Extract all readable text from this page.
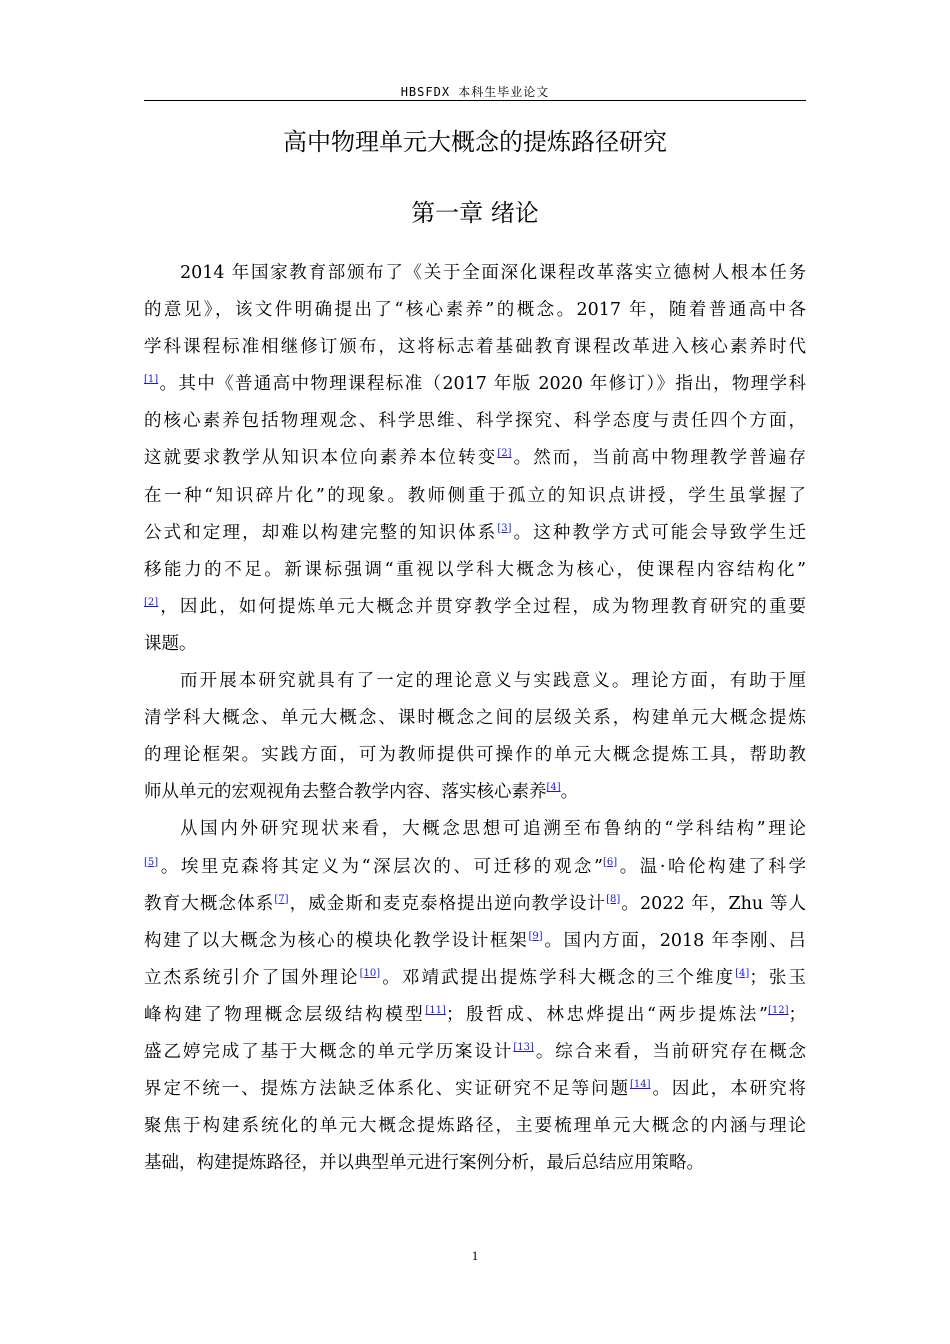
HBSFDX 本科生毕业论文
高中物理单元大概念的提炼路径研究
第一章 绪论
2014 年国家教育部颁布了《关于全面深化课程改革落实立德树人根本任务
的意见》，该文件明确提出了“核心素养”的概念。2017 年，随着普通高中各
学科课程标准相继修订颁布，这将标志着基础教育课程改革进入核心素养时代
[1]。其中《普通高中物理课程标准（2017 年版 2020 年修订）》指出，物理学科
的核心素养包括物理观念、科学思维、科学探究、科学态度与责任四个方面，
这就要求教学从知识本位向素养本位转变[2]。然而，当前高中物理教学普遍存
在一种“知识碎片化”的现象。教师侧重于孤立的知识点讲授，学生虽掌握了
公式和定理，却难以构建完整的知识体系[3]。这种教学方式可能会导致学生迁
移能力的不足。新课标强调“重视以学科大概念为核心，使课程内容结构化”
[2]，因此，如何提炼单元大概念并贯穿教学全过程，成为物理教育研究的重要
课题。
而开展本研究就具有了一定的理论意义与实践意义。理论方面，有助于厘
清学科大概念、单元大概念、课时概念之间的层级关系，构建单元大概念提炼
的理论框架。实践方面，可为教师提供可操作的单元大概念提炼工具，帮助教
师从单元的宏观视角去整合教学内容、落实核心素养[4]。
从国内外研究现状来看，大概念思想可追溯至布鲁纳的“学科结构”理论
[5]。埃里克森将其定义为“深层次的、可迁移的观念”[6]。温·哈伦构建了科学
教育大概念体系[7]，威金斯和麦克泰格提出逆向教学设计[8]。2022 年，Zhu 等人
构建了以大概念为核心的模块化教学设计框架[9]。国内方面，2018 年李刚、吕
立杰系统引介了国外理论[10]。邓靖武提出提炼学科大概念的三个维度[4]；张玉
峰构建了物理概念层级结构模型[11]；殷哲成、林忠烨提出“两步提炼法”[12]；
盛乙婷完成了基于大概念的单元学历案设计[13]。综合来看，当前研究存在概念
界定不统一、提炼方法缺乏体系化、实证研究不足等问题[14]。因此，本研究将
聚焦于构建系统化的单元大概念提炼路径，主要梳理单元大概念的内涵与理论
基础，构建提炼路径，并以典型单元进行案例分析，最后总结应用策略。
1
